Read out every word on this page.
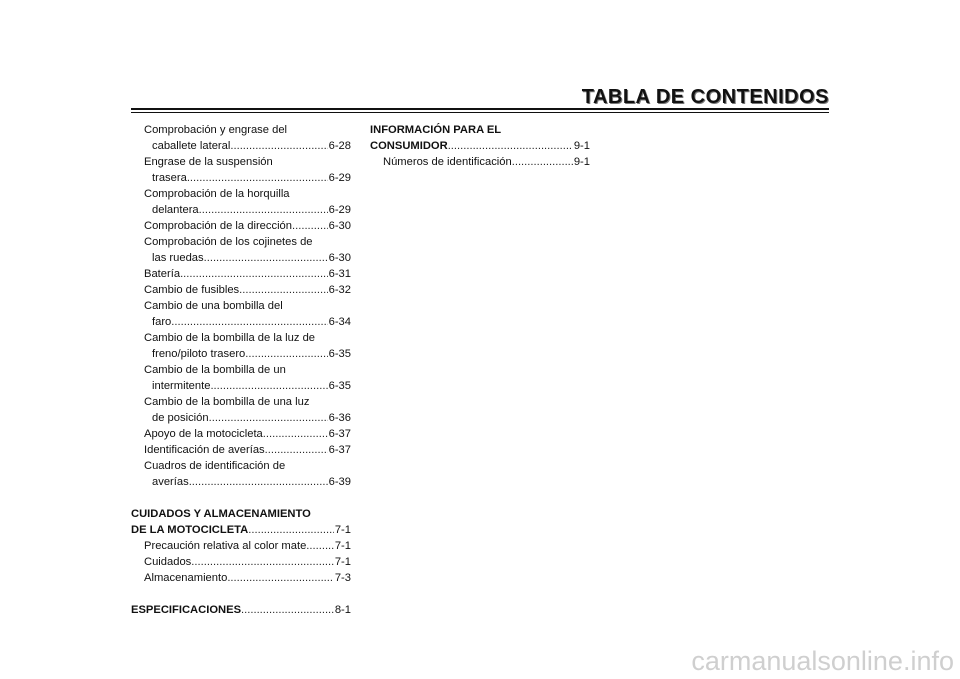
TABLA DE CONTENIDOS
Comprobación y engrase del
caballete lateral .....	6-28
Engrase de la suspensión
trasera .....	6-29
Comprobación de la horquilla
delantera .....	6-29
Comprobación de la dirección .....	6-30
Comprobación de los cojinetes de
las ruedas .....	6-30
Batería .....	6-31
Cambio de fusibles .....	6-32
Cambio de una bombilla del
faro .....	6-34
Cambio de la bombilla de la luz de
freno/piloto trasero .....	6-35
Cambio de la bombilla de un
intermitente .....	6-35
Cambio de la bombilla de una luz
de posición .....	6-36
Apoyo de la motocicleta .....	6-37
Identificación de averías .....	6-37
Cuadros de identificación de
averías .....	6-39
CUIDADOS Y ALMACENAMIENTO
DE LA MOTOCICLETA .....	7-1
Precaución relativa al color mate .....	7-1
Cuidados .....	7-1
Almacenamiento .....	7-3
ESPECIFICACIONES .....	8-1
INFORMACIÓN PARA EL
CONSUMIDOR .....	9-1
Números de identificación .....	9-1
carmanualsonline.info
